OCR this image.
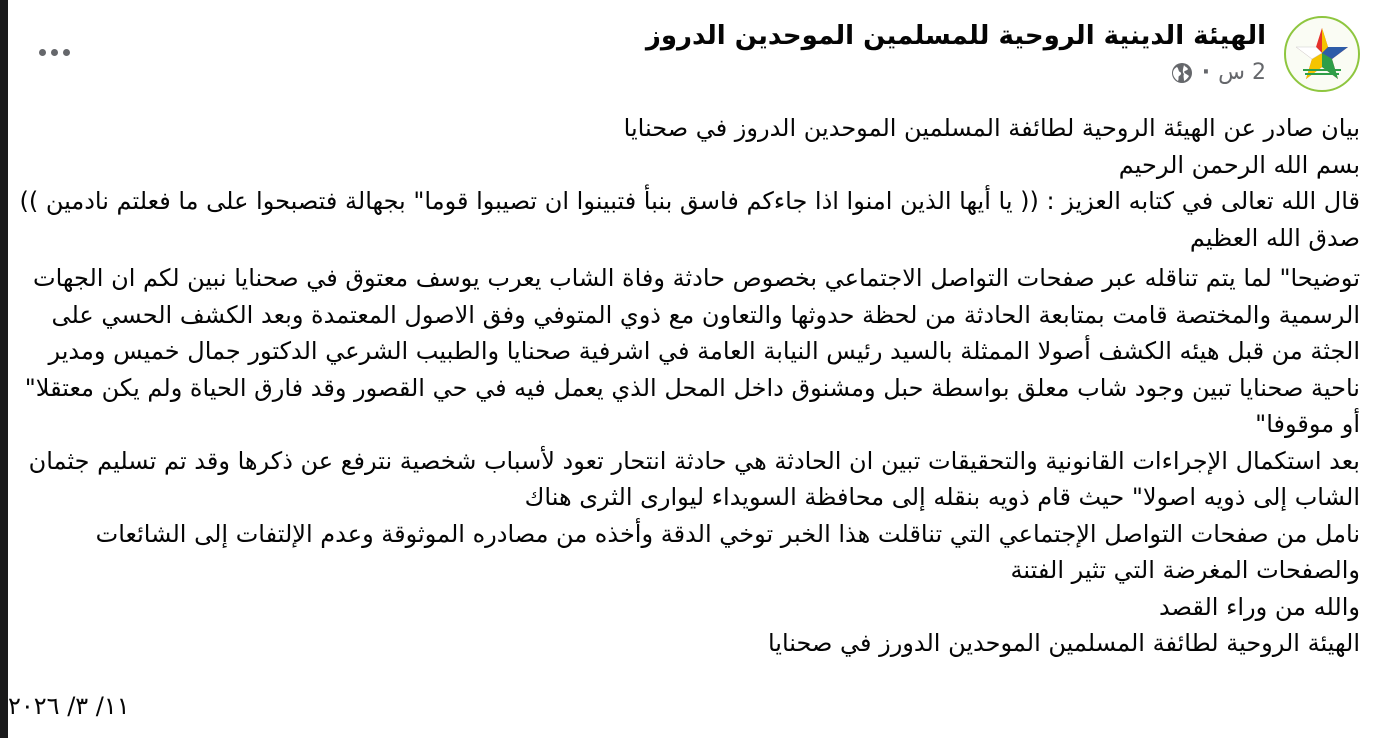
الهيئة الدينية الروحية للمسلمين الموحدين الدروز
2 س
·

بيان صادر عن الهيئة الروحية لطائفة المسلمين الموحدين الدروز في صحنايا

بسم الله الرحمن الرحيم

قال الله تعالى في كتابه العزيز : (( يا أيها الذين امنوا اذا جاءكم فاسق بنبأ فتبينوا ان تصيبوا قوما" بجهالة فتصبحوا على ما فعلتم نادمين )) صدق الله العظيم

توضيحا" لما يتم تناقله عبر صفحات التواصل الاجتماعي بخصوص حادثة وفاة الشاب يعرب يوسف معتوق في صحنايا نبين لكم ان الجهات الرسمية والمختصة قامت بمتابعة الحادثة من لحظة حدوثها والتعاون مع ذوي المتوفي وفق الاصول المعتمدة وبعد الكشف الحسي على الجثة من قبل هيئه الكشف أصولا الممثلة بالسيد رئيس النيابة العامة في اشرفية صحنايا والطبيب الشرعي الدكتور جمال خميس ومدير ناحية صحنايا تبين وجود شاب معلق بواسطة حبل ومشنوق داخل المحل الذي يعمل فيه في حي القصور وقد فارق الحياة ولم يكن معتقلا" أو موقوفا"

بعد استكمال الإجراءات القانونية والتحقيقات تبين ان الحادثة هي حادثة انتحار تعود لأسباب شخصية نترفع عن ذكرها وقد تم تسليم جثمان الشاب إلى ذويه اصولا" حيث قام ذويه بنقله إلى محافظة السويداء ليوارى الثرى هناك

نامل من صفحات التواصل الإجتماعي التي تناقلت هذا الخبر توخي الدقة وأخذه من مصادره الموثوقة وعدم الإلتفات إلى الشائعات والصفحات المغرضة التي تثير الفتنة

والله من وراء القصد

الهيئة الروحية لطائفة المسلمين الموحدين الدورز في صحنايا

١١/ ٣/ ٢٠٢٦
